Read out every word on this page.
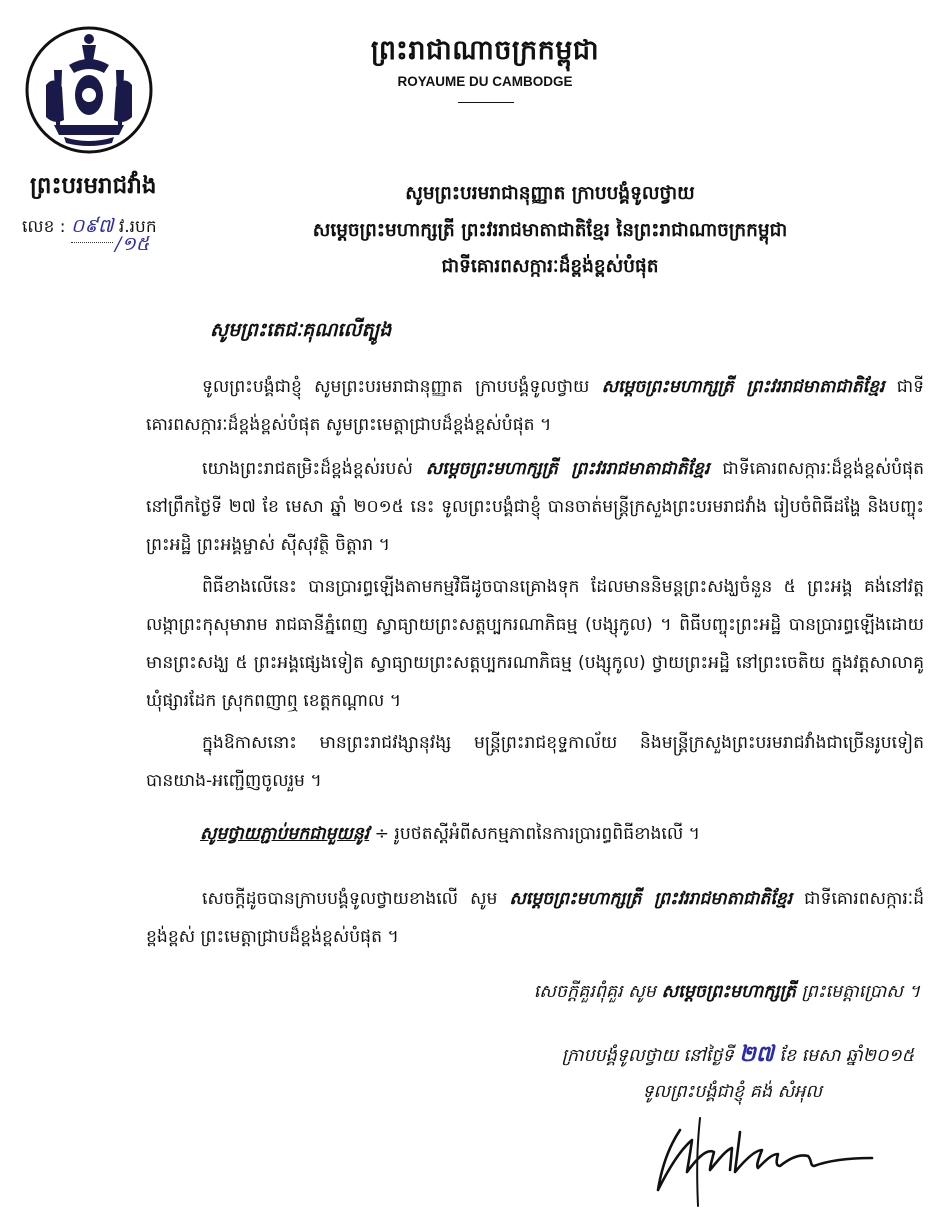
ព្រះរាជាណាចក្រកម្ពុជា
ROYAUME DU CAMBODGE
ព្រះបរមរាជវាំង
លេខ : ០៩៧ វ.របក
/១៥
សូមព្រះបរមរាជានុញ្ញាត ក្រាបបង្គំទូលថ្វាយ
សម្តេចព្រះមហាក្សត្រី ព្រះវររាជមាតាជាតិខ្មែរ នៃព្រះរាជាណាចក្រកម្ពុជា
ជាទីគោរពសក្ការៈដ៏ខ្ពង់ខ្ពស់បំផុត
សូមព្រះតេជៈគុណ​លើត្បូង
ទូលព្រះបង្គំជាខ្ញុំ សូមព្រះបរមរាជានុញ្ញាត ក្រាបបង្គំទូលថ្វាយ សម្តេចព្រះមហាក្សត្រី ព្រះវររាជមាតាជាតិខ្មែរ ជាទីគោរពសក្ការៈដ៏ខ្ពង់ខ្ពស់បំផុត សូមព្រះមេត្តាជ្រាបដ៏ខ្ពង់ខ្ពស់បំផុត ។
យោងព្រះរាជតម្រិះដ៏ខ្ពង់ខ្ពស់របស់ សម្តេចព្រះមហាក្សត្រី ព្រះវររាជមាតាជាតិខ្មែរ ជាទីគោរពសក្ការៈដ៏ខ្ពង់ខ្ពស់បំផុត នៅព្រឹកថ្ងៃទី ២៧ ខែ មេសា ឆ្នាំ ២០១៥ នេះ ទូលព្រះបង្គំជាខ្ញុំ បានចាត់មន្ត្រីក្រសួងព្រះបរមរាជវាំង រៀបចំពិធីដង្ហែ និងបញ្ចុះព្រះអដ្ឋិ ព្រះអង្គម្ចាស់ ស៊ីសុវត្ថិ ចិត្តារា ។
ពិធីខាងលើនេះ បានប្រារព្ធឡើងតាមកម្មវិធីដូចបានគ្រោងទុក ដែលមាននិមន្តព្រះសង្ឃចំនួន ៥ ព្រះអង្គ គង់នៅវត្តលង្កាព្រះកុសុមារាម រាជធានីភ្នំពេញ ស្វាធ្យាយព្រះសត្តប្បករណាភិធម្ម (បង្សុកូល) ។ ពិធីបញ្ចុះព្រះអដ្ឋិ បានប្រារព្ធឡើងដោយមានព្រះសង្ឃ ៥ ព្រះអង្គផ្សេងទៀត ស្វាធ្យាយព្រះសត្តប្បករណាភិធម្ម (បង្សុកូល) ថ្វាយព្រះអដ្ឋិ នៅព្រះចេតិយ ក្នុងវត្តសាលាគូ ឃុំផ្សារដែក ស្រុកពញាឮ ខេត្តកណ្តាល ។
ក្នុងឱកាសនោះ មានព្រះរាជវង្សានុវង្ស មន្ត្រីព្រះរាជខុទ្ទកាល័យ និងមន្ត្រីក្រសួងព្រះបរមរាជវាំងជាច្រើនរូបទៀត បានយាង-អញ្ជើញចូលរួម ។
សូមថ្វាយភ្ជាប់មកជាមួយនូវ ÷ រូបថតស្តីអំពីសកម្មភាពនៃការប្រារព្ធពិធីខាងលើ ។
សេចក្តីដូចបានក្រាបបង្គំទូលថ្វាយខាងលើ សូម សម្តេចព្រះមហាក្សត្រី ព្រះវររាជមាតាជាតិខ្មែរ ជាទីគោរពសក្ការៈដ៏ខ្ពង់ខ្ពស់ ព្រះមេត្តាជ្រាបដ៏ខ្ពង់ខ្ពស់បំផុត ។
សេចក្តីគួរពុំគួរ សូម សម្តេចព្រះមហាក្សត្រី ព្រះមេត្តាប្រោស ។
ក្រាបបង្គំទូលថ្វាយ នៅថ្ងៃទី ២៧ ខែ មេសា ឆ្នាំ២០១៥
ទូលព្រះបង្គំជាខ្ញុំ គង់ សំអុល
